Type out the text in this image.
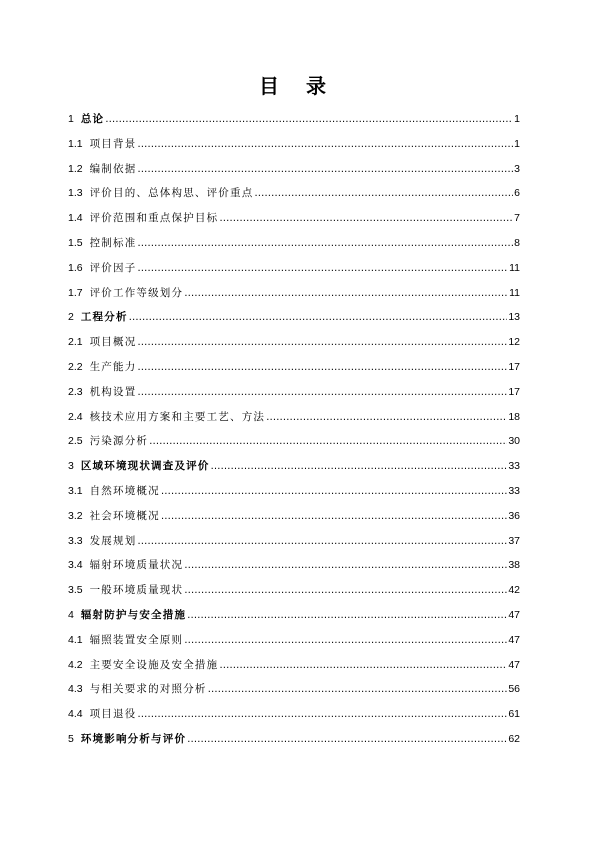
目 录
1 总论 ……………………………………………………………………………………………………………………………………………………………………	1
1.1 项目背景 ……………………………………………………………………………………………………………………………………………………………………	1
1.2 编制依据 ……………………………………………………………………………………………………………………………………………………………………	3
1.3 评价目的、总体构思、评价重点 ……………………………………………………………………………………………………………………………………………………………………	6
1.4 评价范围和重点保护目标 ……………………………………………………………………………………………………………………………………………………………………	7
1.5 控制标准 ……………………………………………………………………………………………………………………………………………………………………	8
1.6 评价因子 ……………………………………………………………………………………………………………………………………………………………………	11
1.7 评价工作等级划分 ……………………………………………………………………………………………………………………………………………………………………	11
2 工程分析 ……………………………………………………………………………………………………………………………………………………………………	13
2.1 项目概况 ……………………………………………………………………………………………………………………………………………………………………	12
2.2 生产能力 ……………………………………………………………………………………………………………………………………………………………………	17
2.3 机构设置 ……………………………………………………………………………………………………………………………………………………………………	17
2.4 核技术应用方案和主要工艺、方法 ……………………………………………………………………………………………………………………………………………………………………	18
2.5 污染源分析 ……………………………………………………………………………………………………………………………………………………………………	30
3 区域环境现状调查及评价 ……………………………………………………………………………………………………………………………………………………………………	33
3.1 自然环境概况 ……………………………………………………………………………………………………………………………………………………………………	33
3.2 社会环境概况 ……………………………………………………………………………………………………………………………………………………………………	36
3.3 发展规划 ……………………………………………………………………………………………………………………………………………………………………	37
3.4 辐射环境质量状况 ……………………………………………………………………………………………………………………………………………………………………	38
3.5 一般环境质量现状 ……………………………………………………………………………………………………………………………………………………………………	42
4 辐射防护与安全措施 ……………………………………………………………………………………………………………………………………………………………………	47
4.1 辐照装置安全原则 ……………………………………………………………………………………………………………………………………………………………………	47
4.2 主要安全设施及安全措施 ……………………………………………………………………………………………………………………………………………………………………	47
4.3 与相关要求的对照分析 ……………………………………………………………………………………………………………………………………………………………………	56
4.4 项目退役 ……………………………………………………………………………………………………………………………………………………………………	61
5 环境影响分析与评价 ……………………………………………………………………………………………………………………………………………………………………	62
